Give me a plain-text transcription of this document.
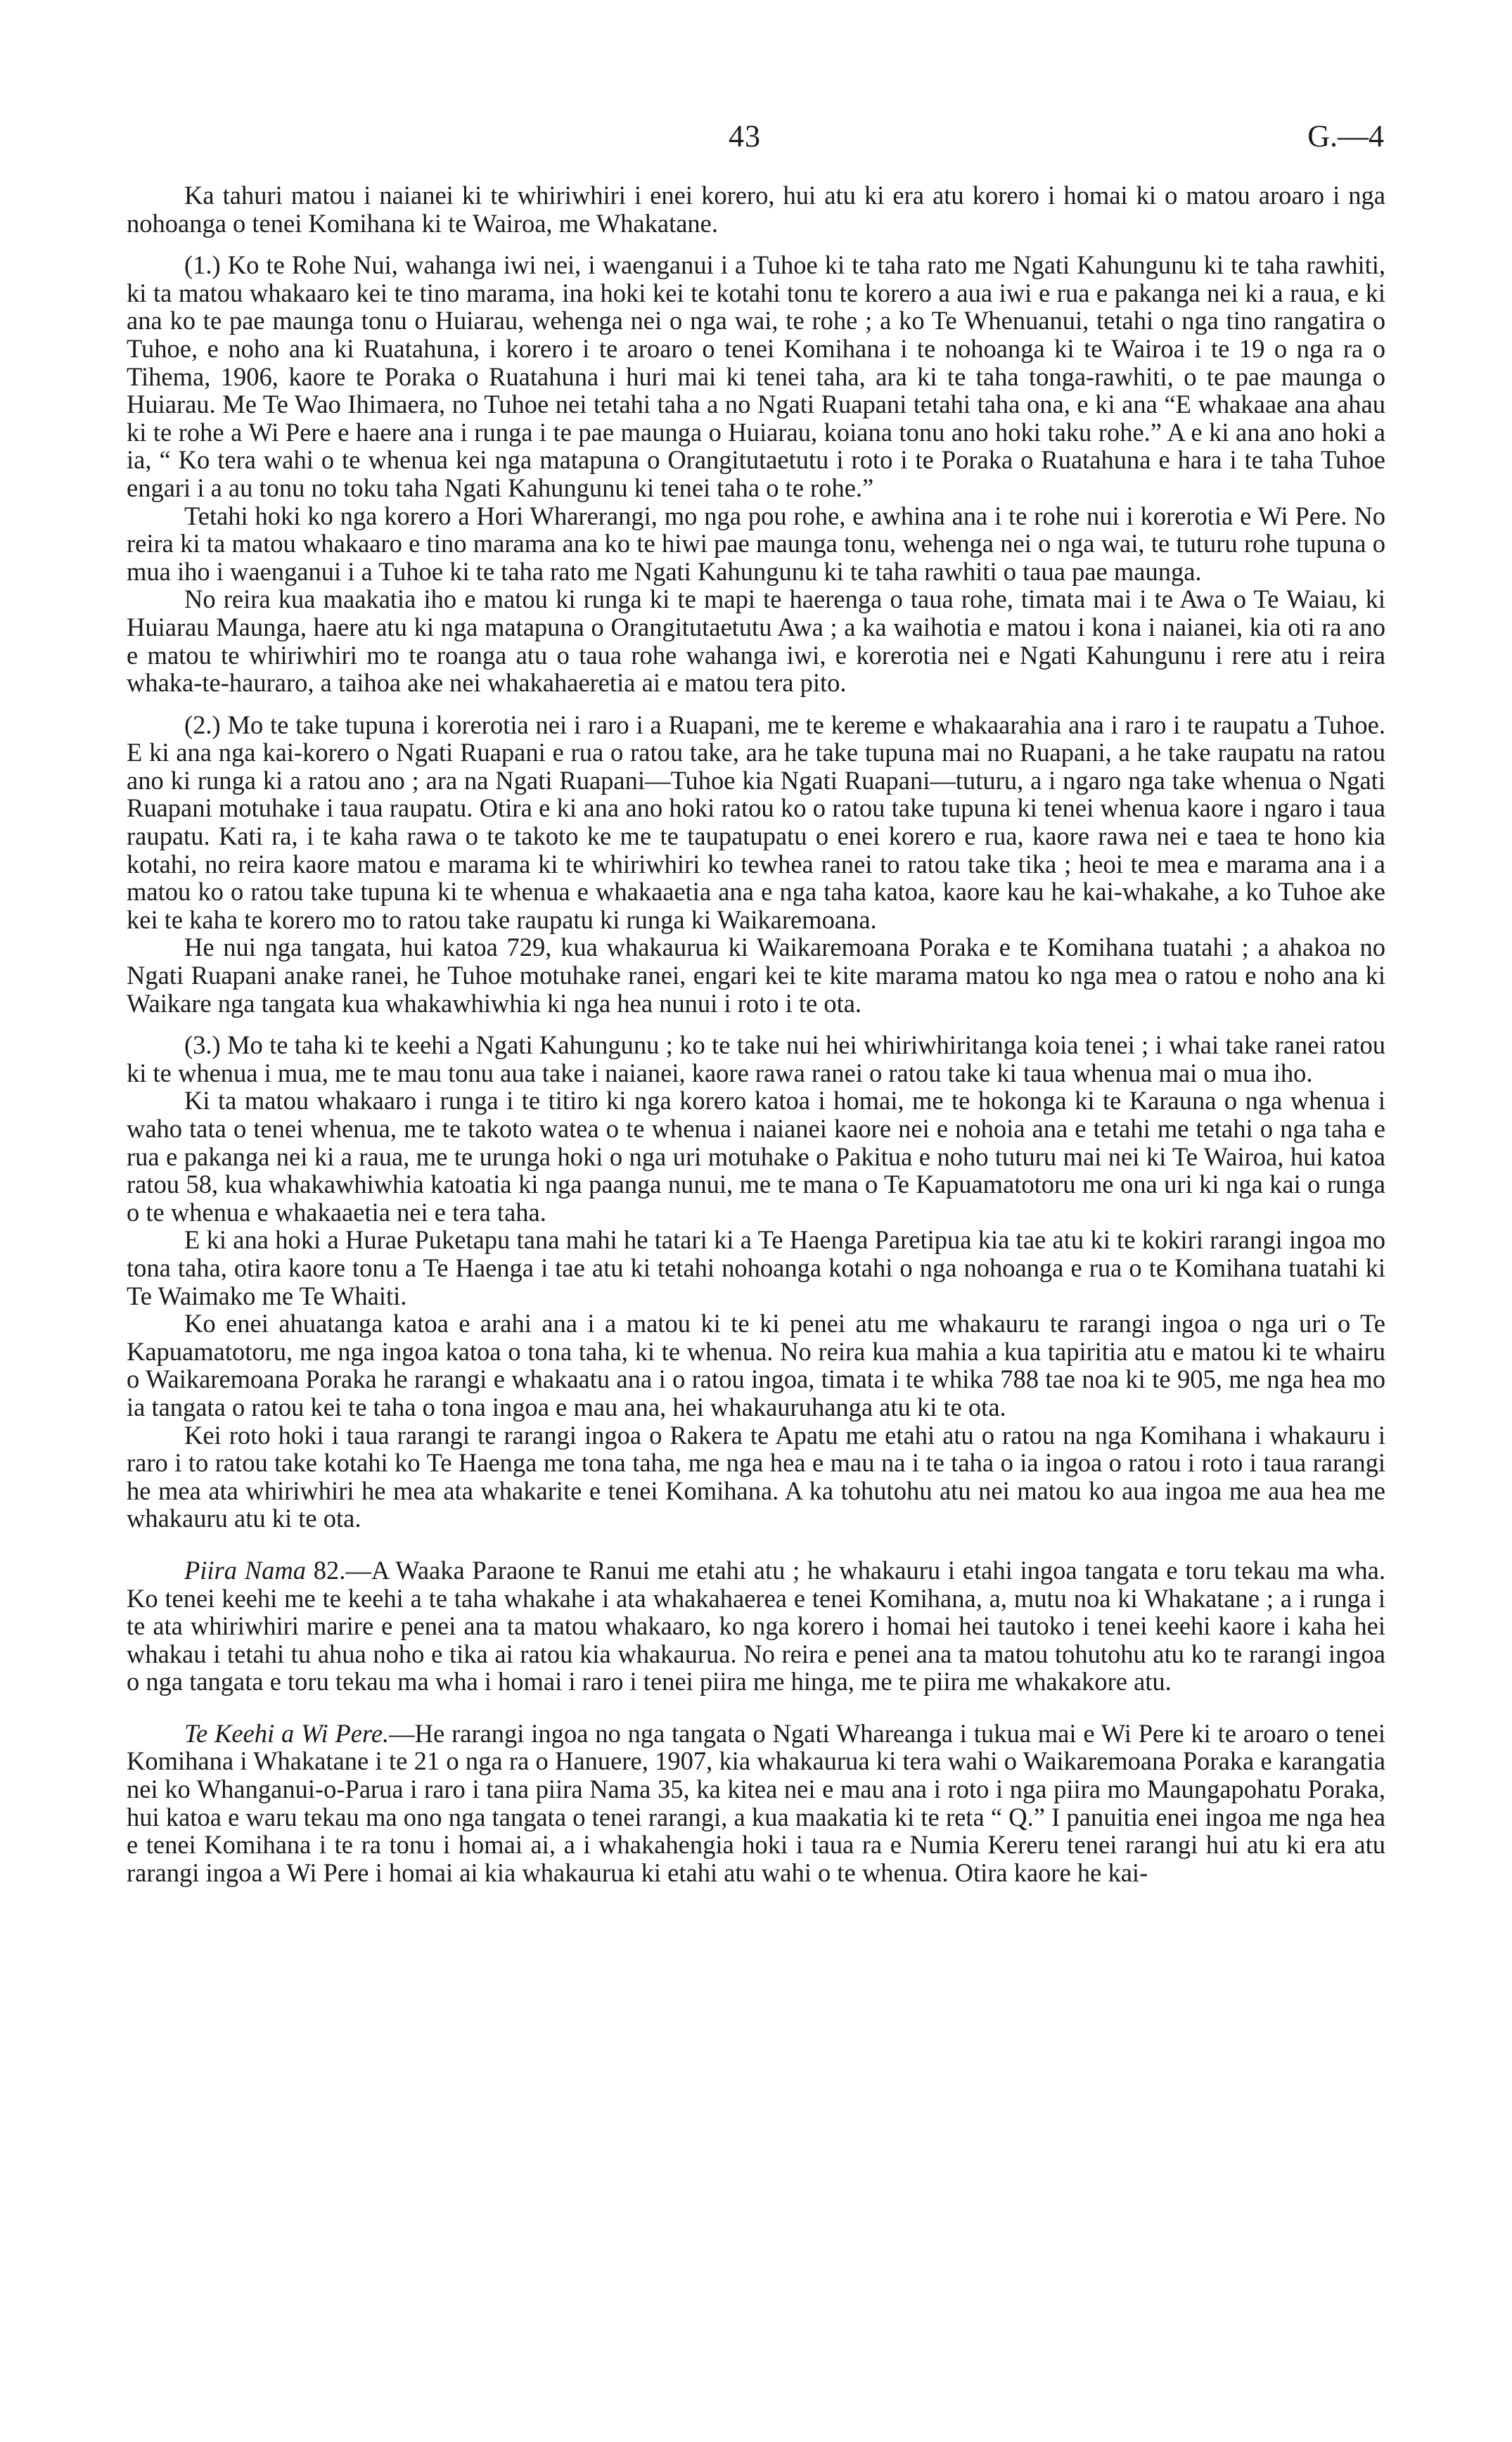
43	G.—4

Ka tahuri matou i naianei ki te whiriwhiri i enei korero, hui atu ki era atu korero i homai ki o matou aroaro i nga nohoanga o tenei Komihana ki te Wairoa, me Whakatane.

(1.) Ko te Rohe Nui, wahanga iwi nei, i waenganui i a Tuhoe ki te taha rato me Ngati Kahungunu ki te taha rawhiti, ki ta matou whakaaro kei te tino marama, ina hoki kei te kotahi tonu te korero a aua iwi e rua e pakanga nei ki a raua, e ki ana ko te pae maunga tonu o Huiarau, wehenga nei o nga wai, te rohe ; a ko Te Whenuanui, tetahi o nga tino rangatira o Tuhoe, e noho ana ki Ruatahuna, i korero i te aroaro o tenei Komihana i te nohoanga ki te Wairoa i te 19 o nga ra o Tihema, 1906, kaore te Poraka o Ruatahuna i huri mai ki tenei taha, ara ki te taha tonga-rawhiti, o te pae maunga o Huiarau. Me Te Wao Ihimaera, no Tuhoe nei tetahi taha a no Ngati Ruapani tetahi taha ona, e ki ana “E whakaae ana ahau ki te rohe a Wi Pere e haere ana i runga i te pae maunga o Huiarau, koiana tonu ano hoki taku rohe.” A e ki ana ano hoki a ia, “ Ko tera wahi o te whenua kei nga matapuna o Orangitutaetutu i roto i te Poraka o Ruatahuna e hara i te taha Tuhoe engari i a au tonu no toku taha Ngati Kahungunu ki tenei taha o te rohe.”

Tetahi hoki ko nga korero a Hori Wharerangi, mo nga pou rohe, e awhina ana i te rohe nui i korerotia e Wi Pere. No reira ki ta matou whakaaro e tino marama ana ko te hiwi pae maunga tonu, wehenga nei o nga wai, te tuturu rohe tupuna o mua iho i waenganui i a Tuhoe ki te taha rato me Ngati Kahungunu ki te taha rawhiti o taua pae maunga.

No reira kua maakatia iho e matou ki runga ki te mapi te haerenga o taua rohe, timata mai i te Awa o Te Waiau, ki Huiarau Maunga, haere atu ki nga matapuna o Orangitutaetutu Awa ; a ka waihotia e matou i kona i naianei, kia oti ra ano e matou te whiriwhiri mo te roanga atu o taua rohe wahanga iwi, e korerotia nei e Ngati Kahungunu i rere atu i reira whaka-te-hauraro, a taihoa ake nei whakahaeretia ai e matou tera pito.

(2.) Mo te take tupuna i korerotia nei i raro i a Ruapani, me te kereme e whakaarahia ana i raro i te raupatu a Tuhoe. E ki ana nga kai-korero o Ngati Ruapani e rua o ratou take, ara he take tupuna mai no Ruapani, a he take raupatu na ratou ano ki runga ki a ratou ano ; ara na Ngati Ruapani—Tuhoe kia Ngati Ruapani—tuturu, a i ngaro nga take whenua o Ngati Ruapani motuhake i taua raupatu. Otira e ki ana ano hoki ratou ko o ratou take tupuna ki tenei whenua kaore i ngaro i taua raupatu. Kati ra, i te kaha rawa o te takoto ke me te taupatupatu o enei korero e rua, kaore rawa nei e taea te hono kia kotahi, no reira kaore matou e marama ki te whiriwhiri ko tewhea ranei to ratou take tika ; heoi te mea e marama ana i a matou ko o ratou take tupuna ki te whenua e whakaaetia ana e nga taha katoa, kaore kau he kai-whakahe, a ko Tuhoe ake kei te kaha te korero mo to ratou take raupatu ki runga ki Waikaremoana.

He nui nga tangata, hui katoa 729, kua whakaurua ki Waikaremoana Poraka e te Komihana tuatahi ; a ahakoa no Ngati Ruapani anake ranei, he Tuhoe motuhake ranei, engari kei te kite marama matou ko nga mea o ratou e noho ana ki Waikare nga tangata kua whakawhiwhia ki nga hea nunui i roto i te ota.

(3.) Mo te taha ki te keehi a Ngati Kahungunu ; ko te take nui hei whiriwhiritanga koia tenei ; i whai take ranei ratou ki te whenua i mua, me te mau tonu aua take i naianei, kaore rawa ranei o ratou take ki taua whenua mai o mua iho.

Ki ta matou whakaaro i runga i te titiro ki nga korero katoa i homai, me te hokonga ki te Karauna o nga whenua i waho tata o tenei whenua, me te takoto watea o te whenua i naianei kaore nei e nohoia ana e tetahi me tetahi o nga taha e rua e pakanga nei ki a raua, me te urunga hoki o nga uri motuhake o Pakitua e noho tuturu mai nei ki Te Wairoa, hui katoa ratou 58, kua whakawhiwhia katoatia ki nga paanga nunui, me te mana o Te Kapuamatotoru me ona uri ki nga kai o runga o te whenua e whakaaetia nei e tera taha.

E ki ana hoki a Hurae Puketapu tana mahi he tatari ki a Te Haenga Paretipua kia tae atu ki te kokiri rarangi ingoa mo tona taha, otira kaore tonu a Te Haenga i tae atu ki tetahi nohoanga kotahi o nga nohoanga e rua o te Komihana tuatahi ki Te Waimako me Te Whaiti.

Ko enei ahuatanga katoa e arahi ana i a matou ki te ki penei atu me whakauru te rarangi ingoa o nga uri o Te Kapuamatotoru, me nga ingoa katoa o tona taha, ki te whenua. No reira kua mahia a kua tapiritia atu e matou ki te whairu o Waikaremoana Poraka he rarangi e whakaatu ana i o ratou ingoa, timata i te whika 788 tae noa ki te 905, me nga hea mo ia tangata o ratou kei te taha o tona ingoa e mau ana, hei whakauruhanga atu ki te ota.

Kei roto hoki i taua rarangi te rarangi ingoa o Rakera te Apatu me etahi atu o ratou na nga Komihana i whakauru i raro i to ratou take kotahi ko Te Haenga me tona taha, me nga hea e mau na i te taha o ia ingoa o ratou i roto i taua rarangi he mea ata whiriwhiri he mea ata whakarite e tenei Komihana. A ka tohutohu atu nei matou ko aua ingoa me aua hea me whakauru atu ki te ota.

Piira Nama 82.—A Waaka Paraone te Ranui me etahi atu ; he whakauru i etahi ingoa tangata e toru tekau ma wha. Ko tenei keehi me te keehi a te taha whakahe i ata whakahaerea e tenei Komihana, a, mutu noa ki Whakatane ; a i runga i te ata whiriwhiri marire e penei ana ta matou whakaaro, ko nga korero i homai hei tautoko i tenei keehi kaore i kaha hei whakau i tetahi tu ahua noho e tika ai ratou kia whakaurua. No reira e penei ana ta matou tohutohu atu ko te rarangi ingoa o nga tangata e toru tekau ma wha i homai i raro i tenei piira me hinga, me te piira me whakakore atu.

Te Keehi a Wi Pere.—He rarangi ingoa no nga tangata o Ngati Whareanga i tukua mai e Wi Pere ki te aroaro o tenei Komihana i Whakatane i te 21 o nga ra o Hanuere, 1907, kia whakaurua ki tera wahi o Waikaremoana Poraka e karangatia nei ko Whanganui-o-Parua i raro i tana piira Nama 35, ka kitea nei e mau ana i roto i nga piira mo Maungapohatu Poraka, hui katoa e waru tekau ma ono nga tangata o tenei rarangi, a kua maakatia ki te reta “ Q.” I panuitia enei ingoa me nga hea e tenei Komihana i te ra tonu i homai ai, a i whakahengia hoki i taua ra e Numia Kereru tenei rarangi hui atu ki era atu rarangi ingoa a Wi Pere i homai ai kia whakaurua ki etahi atu wahi o te whenua. Otira kaore he kai-
